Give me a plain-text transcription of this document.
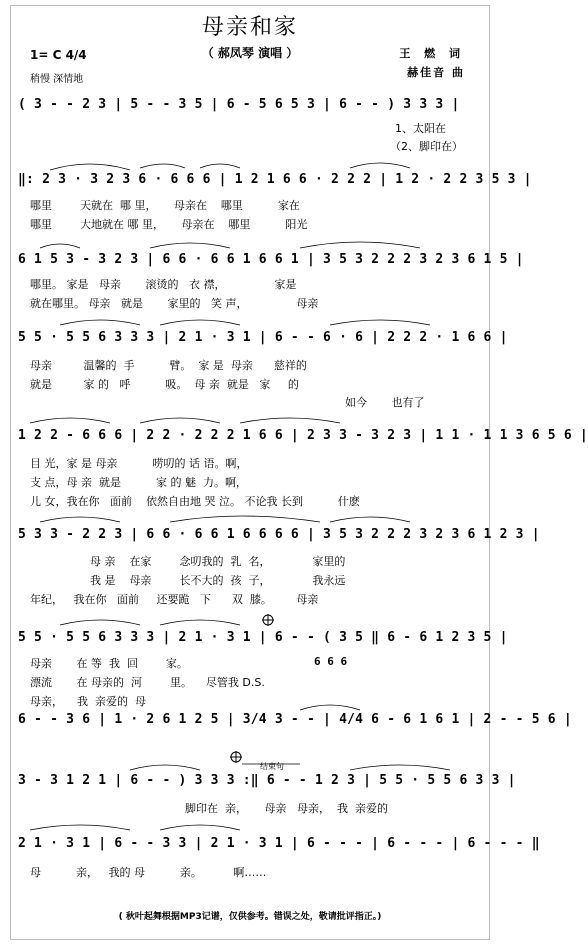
母亲和家
（ 郝凤琴 演唱 ）
1= C 4/4
稍慢 深情地
王 燃 词
赫佳音 曲
( 3 - - 2 3 | 5 - - 3 5 | 6 - 5 6 5 3 | 6 - - ) 3 3 3 |
‖: 2 3 · 3 2 3 6 · 6 6 6 | 1 2 1 6 6 · 2 2 2 | 1 2 · 2 2 3 5 3 |
6 1 5 3 - 3 2 3 | 6 6 · 6 6 1 6 6 1 | 3 5 3 2 2 2 3 2 3 6 1 5 |
5 5 · 5 5 6 3 3 3 | 2 1 · 3 1 | 6 - - 6 · 6 | 2 2 2 · 1 6 6 |
1 2 2 - 6 6 6 | 2 2 · 2 2 2 1 6 6 | 2 3 3 - 3 2 3 | 1 1 · 1 1 3 6 5 6 |
5 3 3 - 2 2 3 | 6 6 · 6 6 1 6 6 6 6 | 3 5 3 2 2 2 3 2 3 6 1 2 3 |
5 5 · 5 5 6 3 3 3 | 2 1 · 3 1 | 6 - - ( 3 5 ‖ 6 - 6 1 2 3 5 |
6 - - 3 6 | 1 · 2 6 1 2 5 | 3/4 3 - - | 4/4 6 - 6 1 6 1 | 2 - - 5 6 |
3 - 3 1 2 1 | 6 - - ) 3 3 3 :‖ 6 - - 1 2 3 | 5 5 · 5 5 6 3 3 |
2 1 · 3 1 | 6 - - 3 3 | 2 1 · 3 1 | 6 - - - | 6 - - - | 6 - - - ‖
1、太阳在
（2、脚印在）
哪里        天就在  哪 里，     母亲在    哪里          家在
哪里        大地就在 哪 里，     母亲在    哪里          阳光
哪里。 家是   母亲       滚烫的   衣 襟，              家是
就在哪里。 母亲   就是       家里的   笑 声，              母亲
母亲         温馨的  手          臂。  家 是  母亲      慈祥的
就是         家 的   呼          吸。  母 亲  就是   家     的
如今       也有了
目 光，家 是 母亲          唠叨的 话 语。啊，
支 点，母 亲  就是          家 的 魅  力。啊，
儿 女，我在你   面前    依然自由地 哭 泣。 不论我 长到          什麽
母 亲    在家        念叨我的  乳  名，            家里的
我 是    母亲        长不大的  孩  子，            我永远
年纪，   我在你   面前     还要跪   下      双  膝。       母亲
母亲       在 等  我  回        家。	6 6 6
漂流       在 母亲的  河        里。    尽管我 D.S.
母亲，    我  亲爱的  母
结束句
脚印在  亲，     母亲   母亲，  我  亲爱的
母          亲，   我的 母          亲。         啊……
( 秋叶起舞根据MP3记谱，仅供参考。错误之处，敬请批评指正。)
